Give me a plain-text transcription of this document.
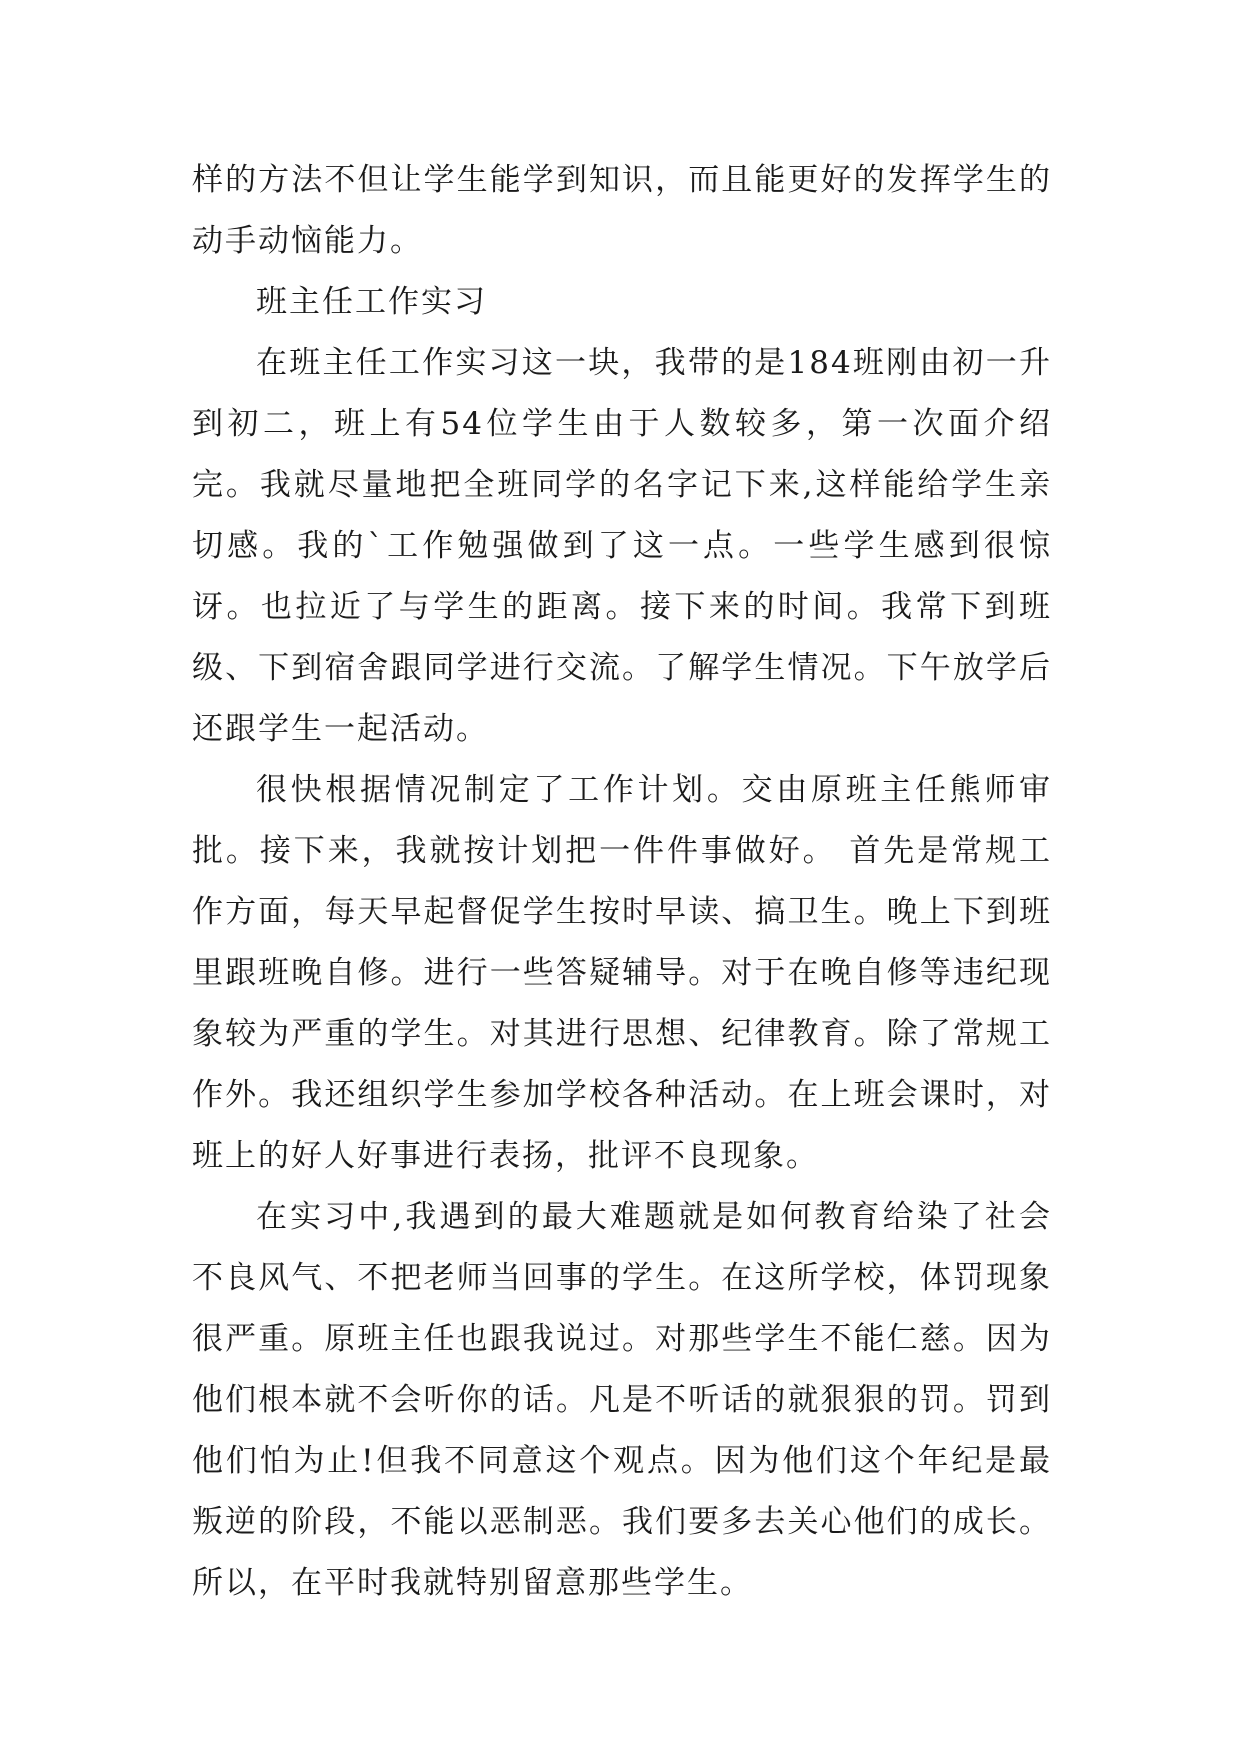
样的方法不但让学生能学到知识，而且能更好的发挥学生的动手动恼能力。

班主任工作实习

在班主任工作实习这一块，我带的是184班刚由初一升到初二，班上有54位学生由于人数较多，第一次面介绍完。我就尽量地把全班同学的名字记下来,这样能给学生亲切感。我的`工作勉强做到了这一点。一些学生感到很惊讶。也拉近了与学生的距离。接下来的时间。我常下到班级、下到宿舍跟同学进行交流。了解学生情况。下午放学后还跟学生一起活动。

很快根据情况制定了工作计划。交由原班主任熊师审批。接下来，我就按计划把一件件事做好。 首先是常规工作方面，每天早起督促学生按时早读、搞卫生。晚上下到班里跟班晚自修。进行一些答疑辅导。对于在晚自修等违纪现象较为严重的学生。对其进行思想、纪律教育。除了常规工作外。我还组织学生参加学校各种活动。在上班会课时，对班上的好人好事进行表扬，批评不良现象。

在实习中,我遇到的最大难题就是如何教育给染了社会不良风气、不把老师当回事的学生。在这所学校，体罚现象很严重。原班主任也跟我说过。对那些学生不能仁慈。因为他们根本就不会听你的话。凡是不听话的就狠狠的罚。罚到他们怕为止!但我不同意这个观点。因为他们这个年纪是最叛逆的阶段，不能以恶制恶。我们要多去关心他们的成长。所以，在平时我就特别留意那些学生。
